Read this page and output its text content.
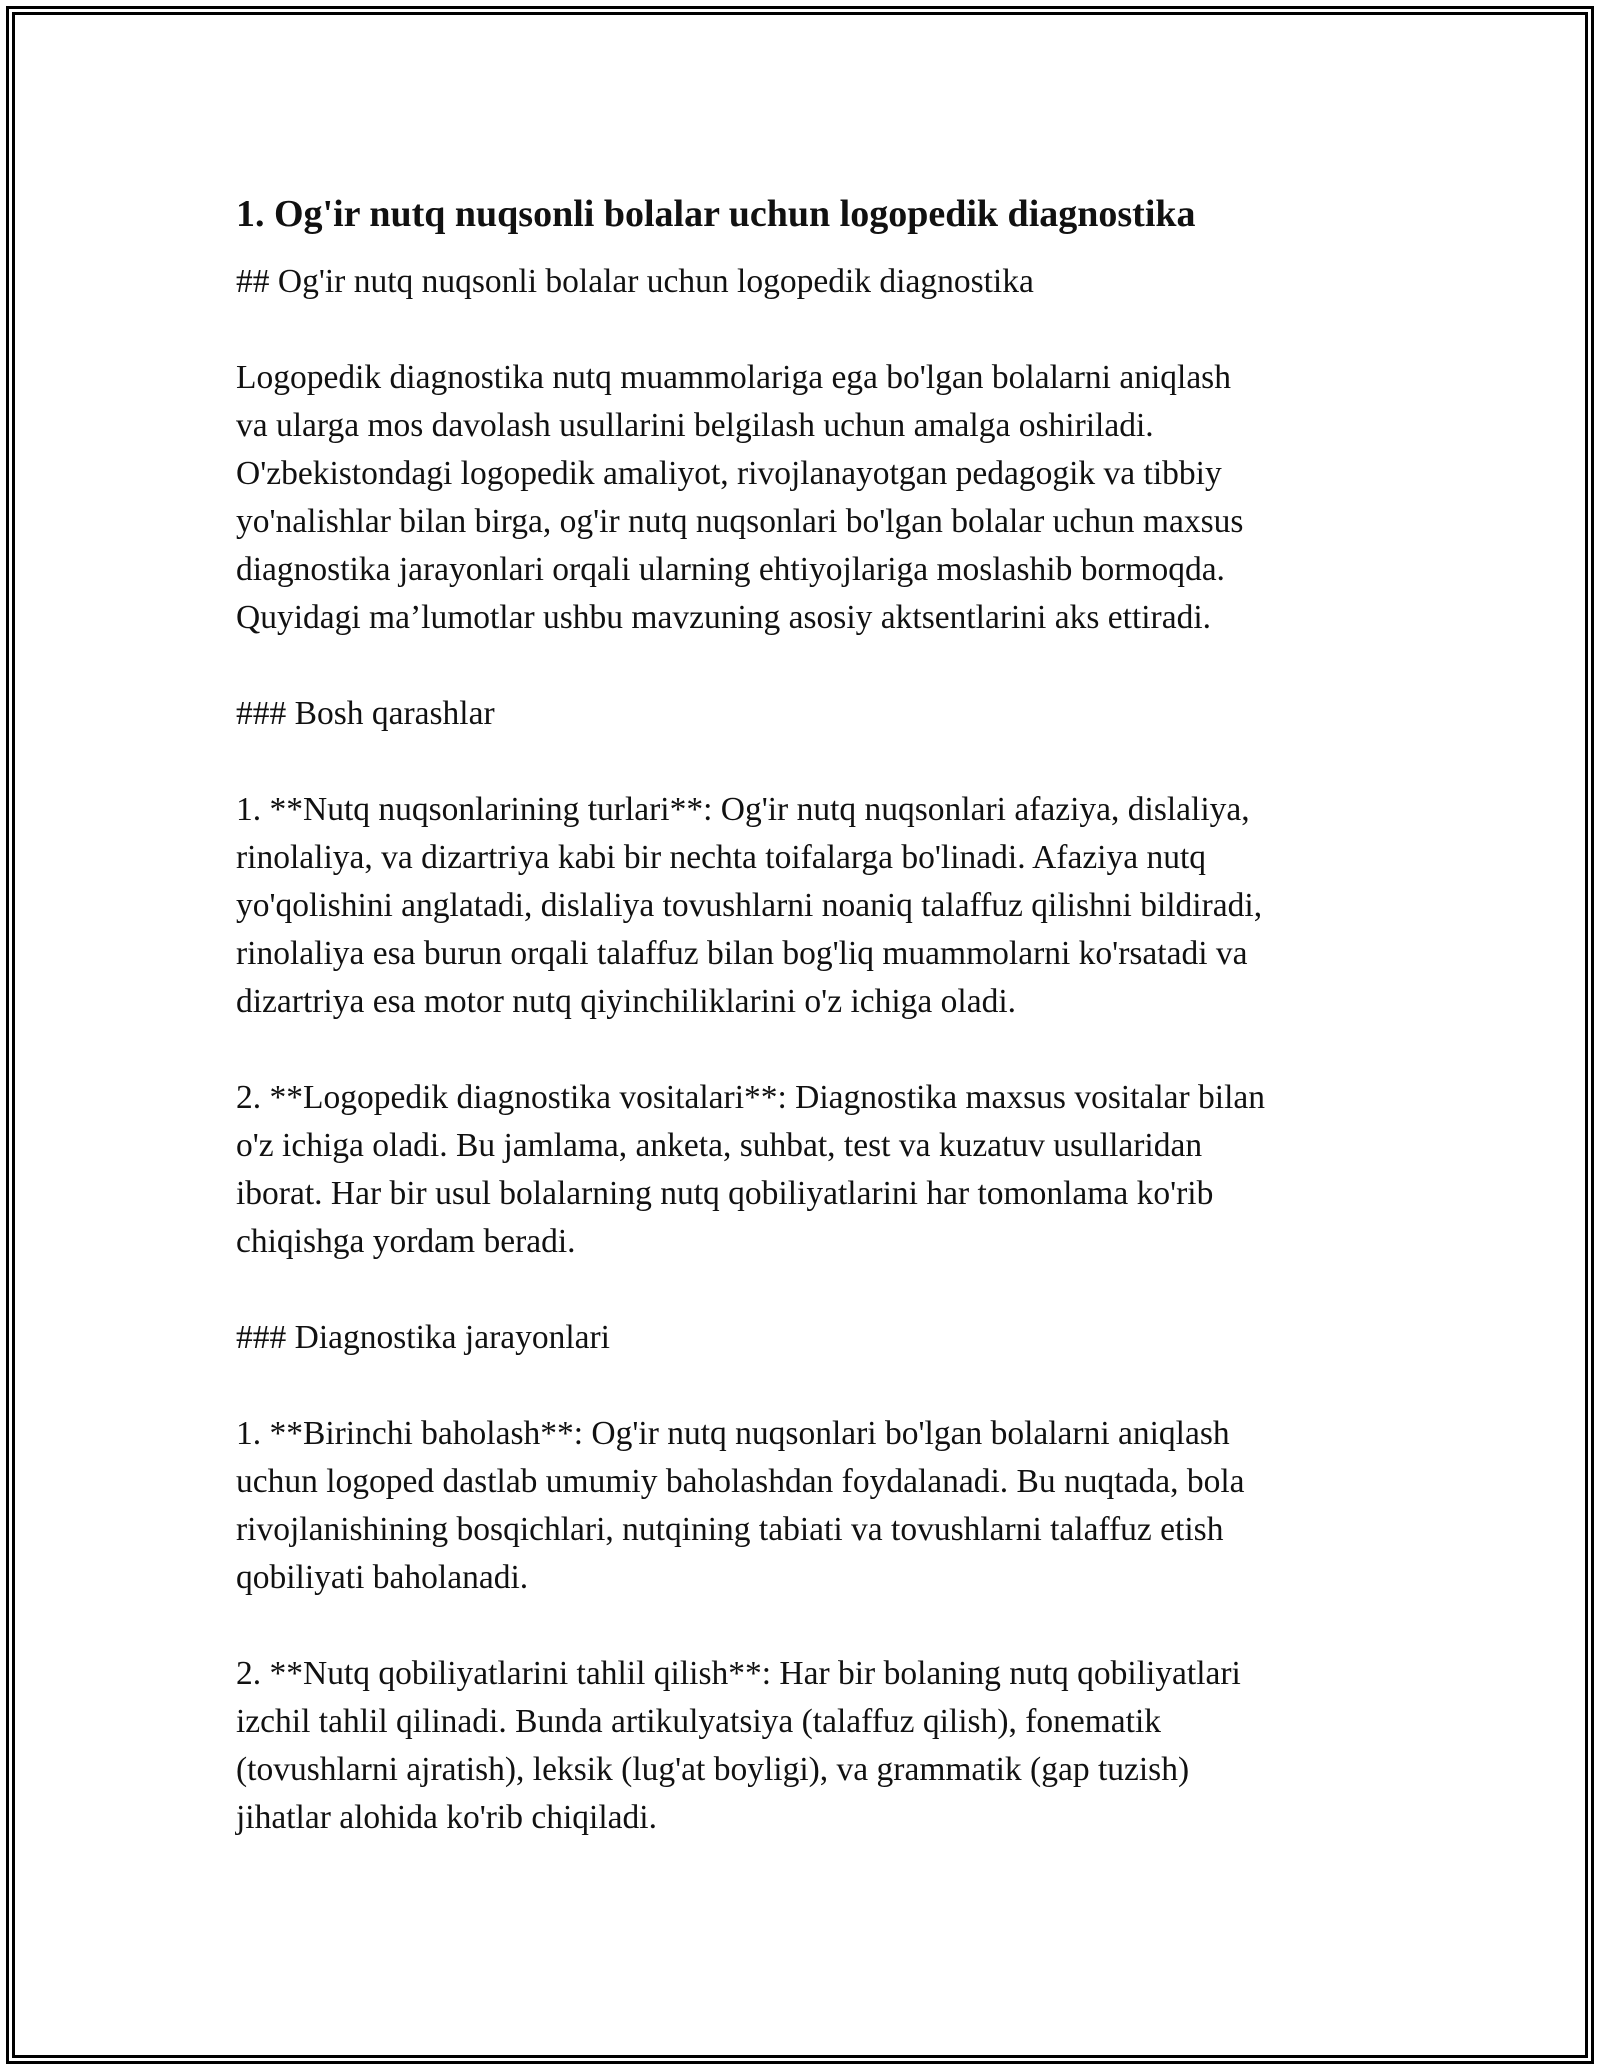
1. Og'ir nutq nuqsonli bolalar uchun logopedik diagnostika

## Og'ir nutq nuqsonli bolalar uchun logopedik diagnostika

Logopedik diagnostika nutq muammolariga ega bo'lgan bolalarni aniqlash
va ularga mos davolash usullarini belgilash uchun amalga oshiriladi.
O'zbekistondagi logopedik amaliyot, rivojlanayotgan pedagogik va tibbiy
yo'nalishlar bilan birga, og'ir nutq nuqsonlari bo'lgan bolalar uchun maxsus
diagnostika jarayonlari orqali ularning ehtiyojlariga moslashib bormoqda.
Quyidagi ma’lumotlar ushbu mavzuning asosiy aktsentlarini aks ettiradi.

### Bosh qarashlar

1. **Nutq nuqsonlarining turlari**: Og'ir nutq nuqsonlari afaziya, dislaliya,
rinolaliya, va dizartriya kabi bir nechta toifalarga bo'linadi. Afaziya nutq
yo'qolishini anglatadi, dislaliya tovushlarni noaniq talaffuz qilishni bildiradi,
rinolaliya esa burun orqali talaffuz bilan bog'liq muammolarni ko'rsatadi va
dizartriya esa motor nutq qiyinchiliklarini o'z ichiga oladi.

2. **Logopedik diagnostika vositalari**: Diagnostika maxsus vositalar bilan
o'z ichiga oladi. Bu jamlama, anketa, suhbat, test va kuzatuv usullaridan
iborat. Har bir usul bolalarning nutq qobiliyatlarini har tomonlama ko'rib
chiqishga yordam beradi.

### Diagnostika jarayonlari

1. **Birinchi baholash**: Og'ir nutq nuqsonlari bo'lgan bolalarni aniqlash
uchun logoped dastlab umumiy baholashdan foydalanadi. Bu nuqtada, bola
rivojlanishining bosqichlari, nutqining tabiati va tovushlarni talaffuz etish
qobiliyati baholanadi.

2. **Nutq qobiliyatlarini tahlil qilish**: Har bir bolaning nutq qobiliyatlari
izchil tahlil qilinadi. Bunda artikulyatsiya (talaffuz qilish), fonematik
(tovushlarni ajratish), leksik (lug'at boyligi), va grammatik (gap tuzish)
jihatlar alohida ko'rib chiqiladi.
